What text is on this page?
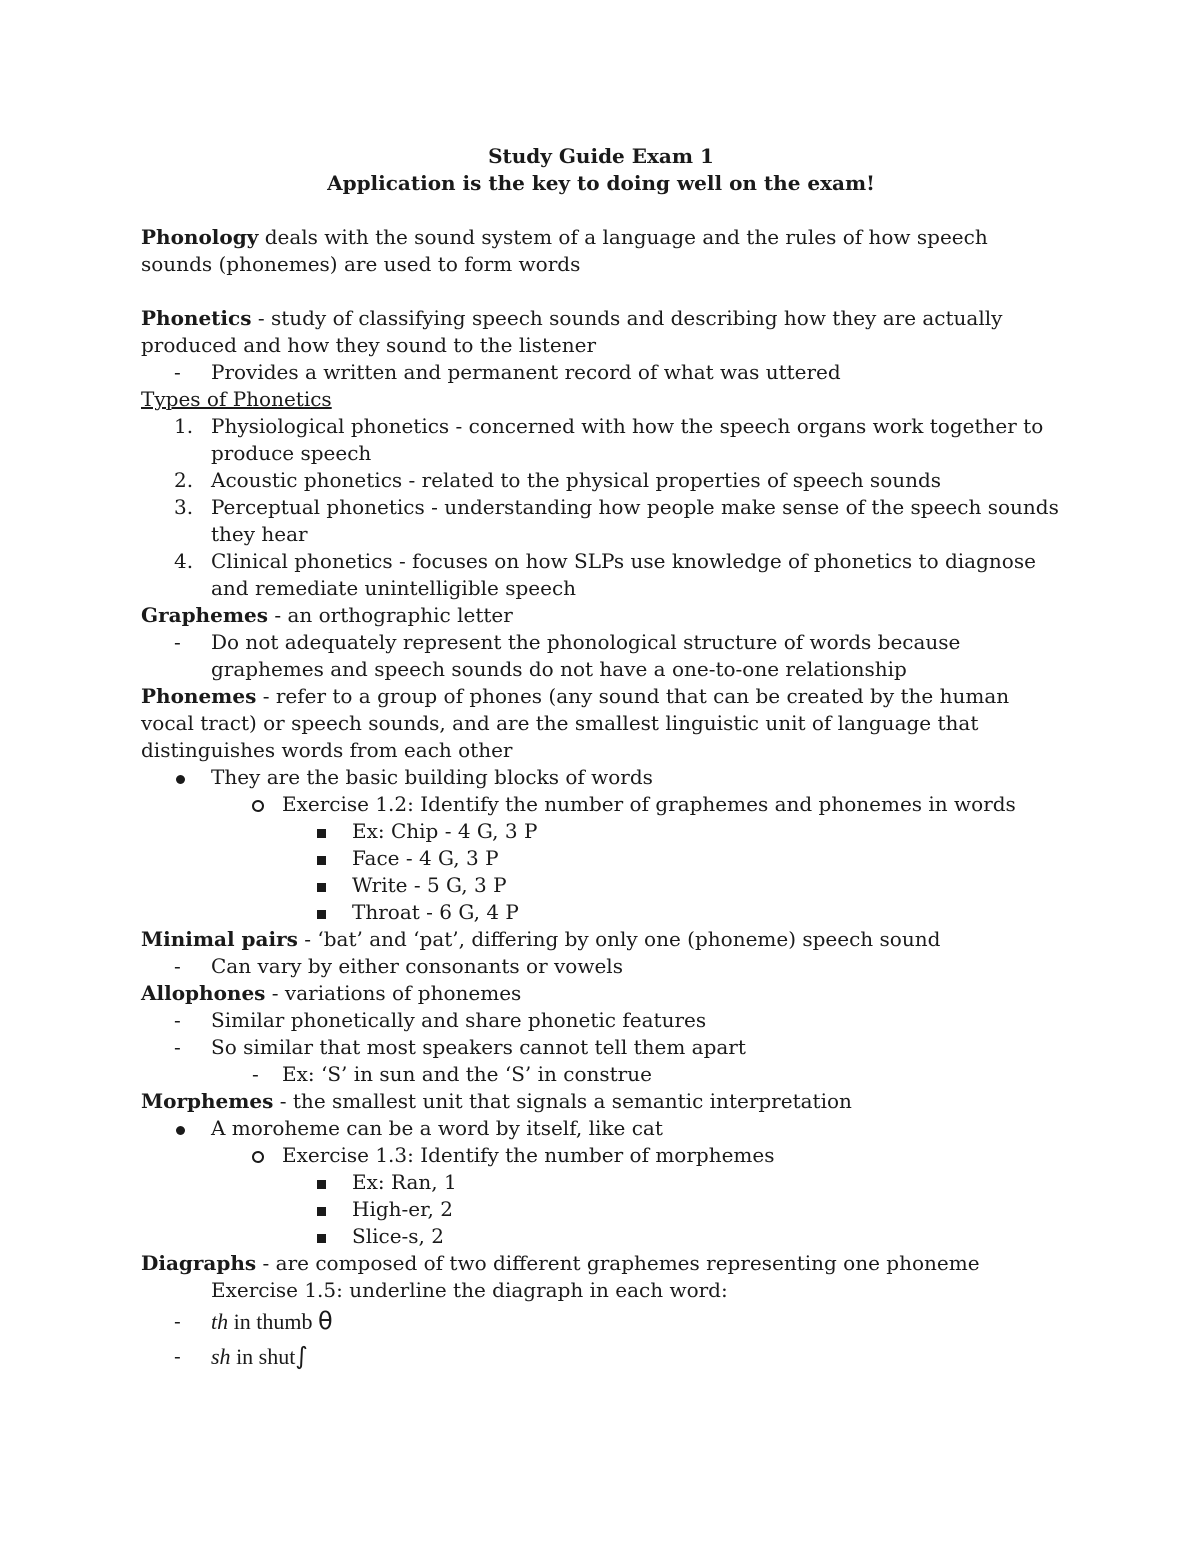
Study Guide Exam 1

Application is the key to doing well on the exam!

Phonology deals with the sound system of a language and the rules of how speech sounds (phonemes) are used to form words

Phonetics - study of classifying speech sounds and describing how they are actually produced and how they sound to the listener

-	Provides a written and permanent record of what was uttered

Types of Phonetics

1. Physiological phonetics - concerned with how the speech organs work together to produce speech
2. Acoustic phonetics - related to the physical properties of speech sounds
3. Perceptual phonetics - understanding how people make sense of the speech sounds they hear
4. Clinical phonetics - focuses on how SLPs use knowledge of phonetics to diagnose and remediate unintelligible speech

Graphemes - an orthographic letter

-	Do not adequately represent the phonological structure of words because graphemes and speech sounds do not have a one-to-one relationship

Phonemes - refer to a group of phones (any sound that can be created by the human vocal tract) or speech sounds, and are the smallest linguistic unit of language that distinguishes words from each other

They are the basic building blocks of words
Exercise 1.2: Identify the number of graphemes and phonemes in words
Ex: Chip - 4 G, 3 P
Face - 4 G, 3 P
Write - 5 G, 3 P
Throat - 6 G, 4 P

Minimal pairs - ‘bat’ and ‘pat’, differing by only one (phoneme) speech sound

-	Can vary by either consonants or vowels

Allophones - variations of phonemes

-	Similar phonetically and share phonetic features
-	So similar that most speakers cannot tell them apart
-	Ex: ‘S’ in sun and the ‘S’ in construe

Morphemes - the smallest unit that signals a semantic interpretation

A moroheme can be a word by itself, like cat
Exercise 1.3: Identify the number of morphemes
Ex: Ran, 1
High-er, 2
Slice-s, 2

Diagraphs - are composed of two different graphemes representing one phoneme

Exercise 1.5: underline the diagraph in each word:

-	th in thumb θ
-	sh in shut∫
